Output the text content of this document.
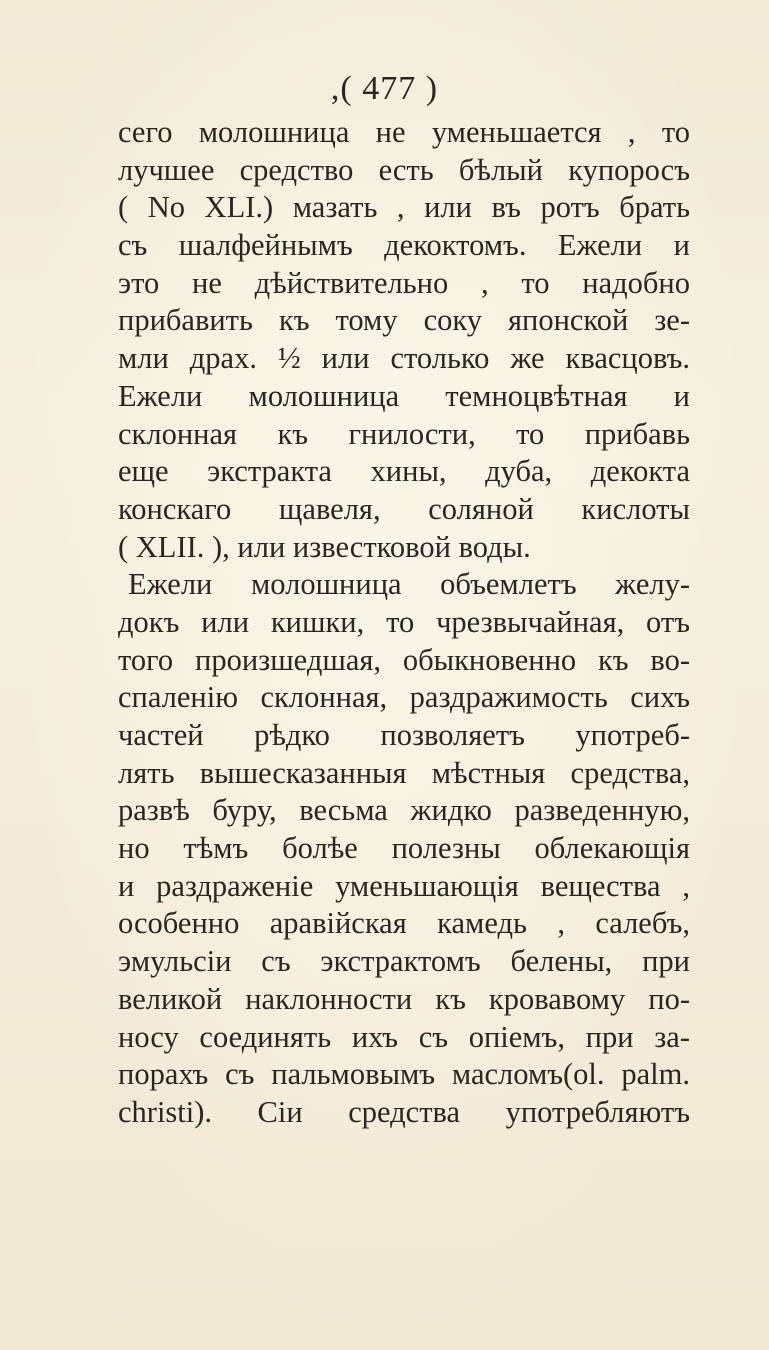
,( 477 )
сего молошница не уменьшается , то
лучшее средство есть бѣлый купоросъ
( No XLI.) мазать , или въ ротъ брать
съ шалфейнымъ декоктомъ. Ежели и
это не дѣйствительно , то надобно
прибавить къ тому соку японской зе-
мли драх. ½ или столько же квасцовъ.
Ежели молошница темноцвѣтная и
склонная къ гнилости, то прибавь
еще экстракта хины, дуба, декокта
конскаго щавеля, соляной кислоты
( XLII. ), или известковой воды.
Ежели молошница объемлетъ желу-
докъ или кишки, то чрезвычайная, отъ
того произшедшая, обыкновенно къ во-
спаленію склонная, раздражимость сихъ
частей рѣдко позволяетъ употреб-
лять вышесказанныя мѣстныя средства,
развѣ буру, весьма жидко разведенную,
но тѣмъ болѣе полезны облекающія
и раздраженіе уменьшающія вещества ,
особенно аравійская камедь , салебъ,
эмульсіи съ экстрактомъ белены, при
великой наклонности къ кровавому по-
носу соединять ихъ съ опіемъ, при за-
порахъ съ пальмовымъ масломъ(ol. palm.
christi). Сіи средства употребляютъ
